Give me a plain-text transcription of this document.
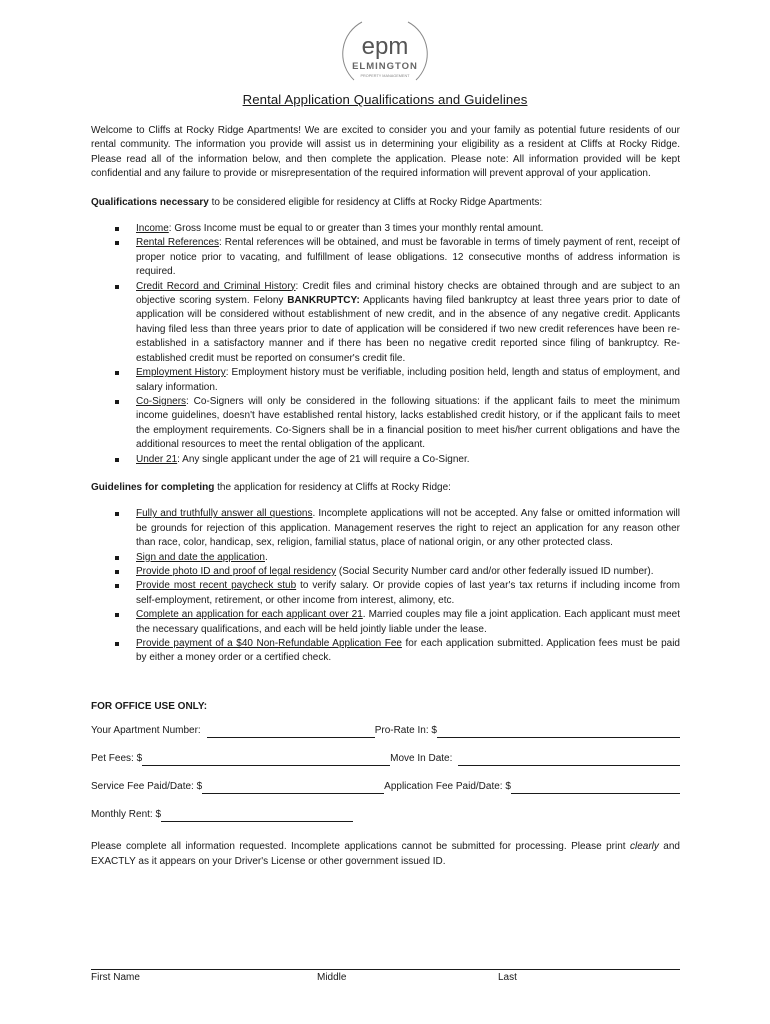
epm
ELMINGTON
PROPERTY MANAGEMENT
Rental Application Qualifications and Guidelines

Welcome to Cliffs at Rocky Ridge Apartments! We are excited to consider you and your family as potential future residents of our rental community. The information you provide will assist us in determining your eligibility as a resident at Cliffs at Rocky Ridge. Please read all of the information below, and then complete the application. Please note: All information provided will be kept confidential and any failure to provide or misrepresentation of the required information will prevent approval of your application.

Qualifications necessary to be considered eligible for residency at Cliffs at Rocky Ridge Apartments:

Income: Gross Income must be equal to or greater than 3 times your monthly rental amount.
Rental References: Rental references will be obtained, and must be favorable in terms of timely payment of rent, receipt of proper notice prior to vacating, and fulfillment of lease obligations. 12 consecutive months of address information is required.
Credit Record and Criminal History: Credit files and criminal history checks are obtained through and are subject to an objective scoring system. Felony BANKRUPTCY: Applicants having filed bankruptcy at least three years prior to date of application will be considered without establishment of new credit, and in the absence of any negative credit. Applicants having filed less than three years prior to date of application will be considered if two new credit references have been re-established in a satisfactory manner and if there has been no negative credit reported since filing of bankruptcy. Re-established credit must be reported on consumer's credit file.
Employment History: Employment history must be verifiable, including position held, length and status of employment, and salary information.
Co-Signers: Co-Signers will only be considered in the following situations: if the applicant fails to meet the minimum income guidelines, doesn't have established rental history, lacks established credit history, or if the applicant fails to meet the employment requirements. Co-Signers shall be in a financial position to meet his/her current obligations and have the additional resources to meet the rental obligation of the applicant.
Under 21: Any single applicant under the age of 21 will require a Co-Signer.

Guidelines for completing the application for residency at Cliffs at Rocky Ridge:

Fully and truthfully answer all questions. Incomplete applications will not be accepted. Any false or omitted information will be grounds for rejection of this application. Management reserves the right to reject an application for any reason other than race, color, handicap, sex, religion, familial status, place of national origin, or any other protected class.
Sign and date the application.
Provide photo ID and proof of legal residency (Social Security Number card and/or other federally issued ID number).
Provide most recent paycheck stub to verify salary. Or provide copies of last year's tax returns if including income from self-employment, retirement, or other income from interest, alimony, etc.
Complete an application for each applicant over 21. Married couples may file a joint application. Each applicant must meet the necessary qualifications, and each will be held jointly liable under the lease.
Provide payment of a $40 Non-Refundable Application Fee for each application submitted. Application fees must be paid by either a money order or a certified check.

FOR OFFICE USE ONLY:

Your Apartment Number:	Pro-Rate In: $
Pet Fees: $	Move In Date:
Service Fee Paid/Date: $	Application Fee Paid/Date: $
Monthly Rent: $

Please complete all information requested. Incomplete applications cannot be submitted for processing. Please print clearly and EXACTLY as it appears on your Driver's License or other government issued ID.

First Name	Middle	Last
